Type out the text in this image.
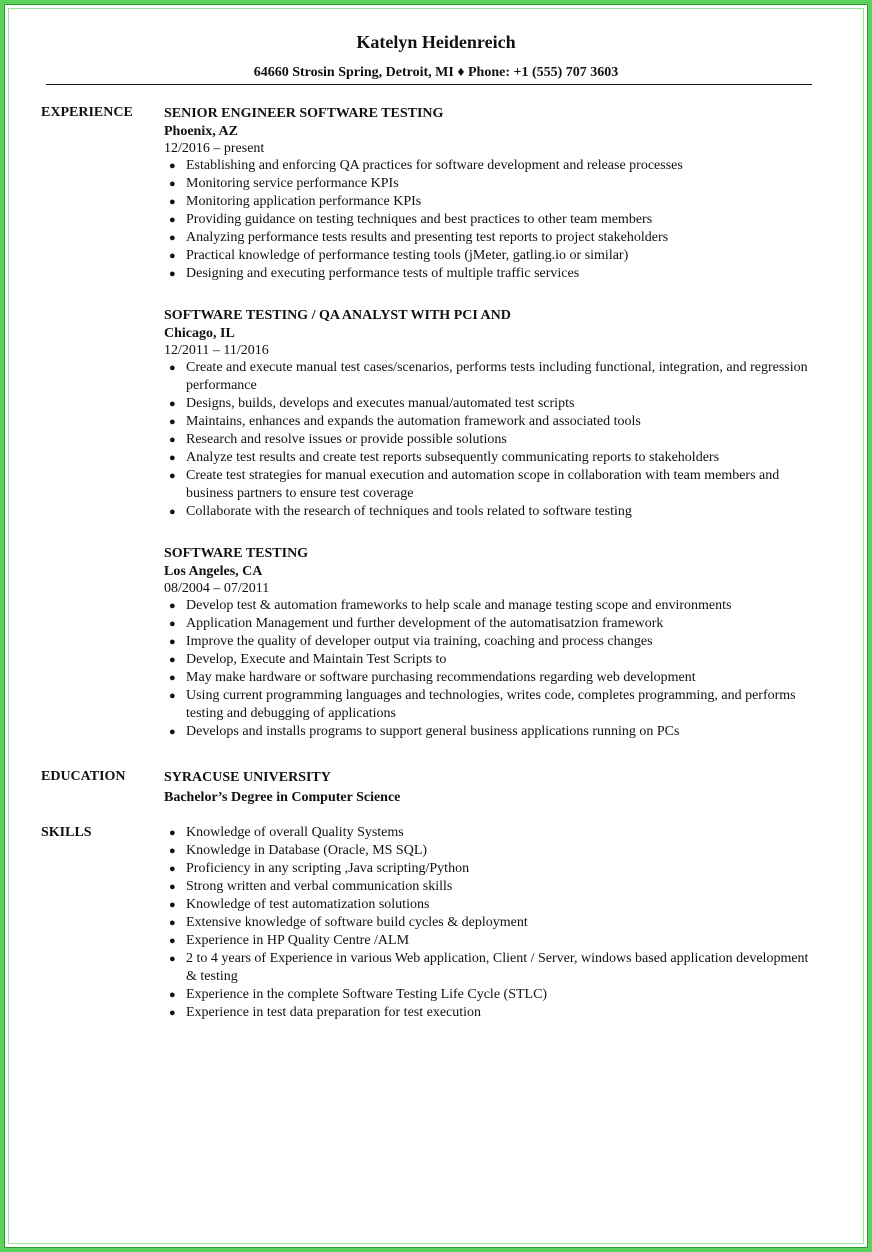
Katelyn Heidenreich
64660 Strosin Spring, Detroit, MI ♦ Phone: +1 (555) 707 3603
EXPERIENCE SENIOR ENGINEER SOFTWARE TESTING
Phoenix, AZ
12/2016 – present
● Establishing and enforcing QA practices for software development and release processes
● Monitoring service performance KPIs
● Monitoring application performance KPIs
● Providing guidance on testing techniques and best practices to other team members
● Analyzing performance tests results and presenting test reports to project stakeholders
● Practical knowledge of performance testing tools (jMeter, gatling.io or similar)
● Designing and executing performance tests of multiple traffic services
SOFTWARE TESTING / QA ANALYST WITH PCI AND
Chicago, IL
12/2011 – 11/2016
● Create and execute manual test cases/scenarios, performs tests including functional, integration, and regression performance
● Designs, builds, develops and executes manual/automated test scripts
● Maintains, enhances and expands the automation framework and associated tools
● Research and resolve issues or provide possible solutions
● Analyze test results and create test reports subsequently communicating reports to stakeholders
● Create test strategies for manual execution and automation scope in collaboration with team members and business partners to ensure test coverage
● Collaborate with the research of techniques and tools related to software testing
SOFTWARE TESTING
Los Angeles, CA
08/2004 – 07/2011
● Develop test & automation frameworks to help scale and manage testing scope and environments
● Application Management und further development of the automatisatzion framework
● Improve the quality of developer output via training, coaching and process changes
● Develop, Execute and Maintain Test Scripts to
● May make hardware or software purchasing recommendations regarding web development
● Using current programming languages and technologies, writes code, completes programming, and performs testing and debugging of applications
● Develops and installs programs to support general business applications running on PCs
EDUCATION	SYRACUSE UNIVERSITY
Bachelor’s Degree in Computer Science
SKILLS	● Knowledge of overall Quality Systems
● Knowledge in Database (Oracle, MS SQL)
● Proficiency in any scripting ,Java scripting/Python
● Strong written and verbal communication skills
● Knowledge of test automatization solutions
● Extensive knowledge of software build cycles & deployment
● Experience in HP Quality Centre /ALM
● 2 to 4 years of Experience in various Web application, Client / Server, windows based application development & testing
● Experience in the complete Software Testing Life Cycle (STLC)
● Experience in test data preparation for test execution
